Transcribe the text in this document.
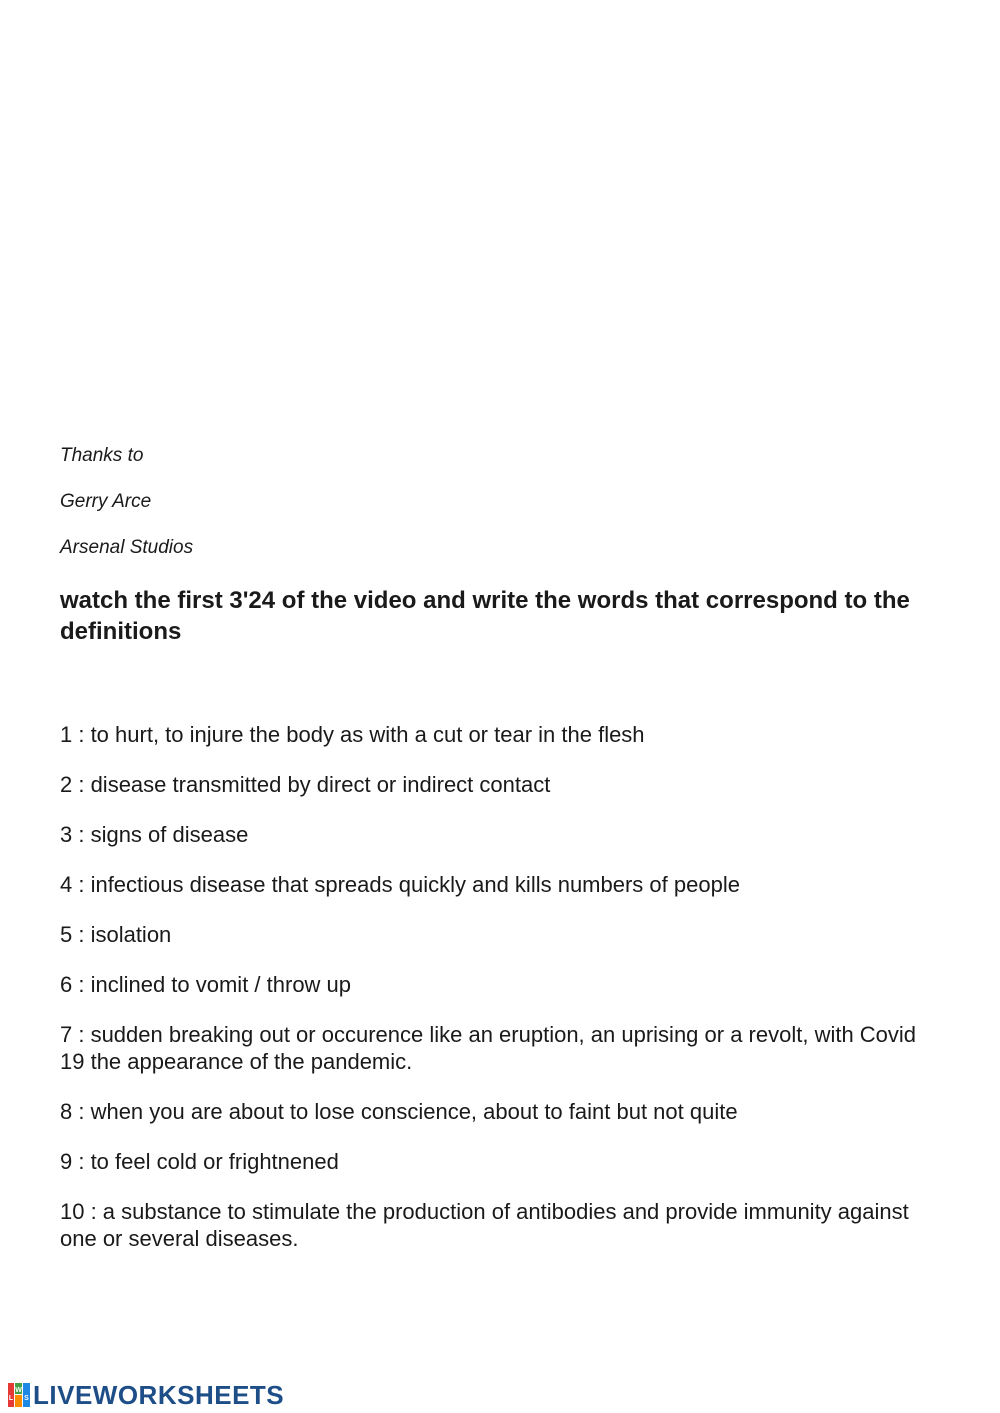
Thanks to

Gerry Arce

Arsenal Studios

watch the first 3'24 of the video and write the words that correspond to the definitions
1 : to hurt, to injure the body as with a cut or tear in the flesh
2 : disease transmitted by direct or indirect contact
3 : signs of disease
4 : infectious disease that spreads quickly and kills numbers of people
5 : isolation
6 : inclined to vomit / throw up
7 : sudden breaking out or occurence like an eruption, an uprising or a revolt, with Covid 19 the appearance of the pandemic.
8 : when you are about to lose conscience, about to faint but not quite
9 : to feel cold or frightnened
10 : a substance to stimulate the production of antibodies and provide immunity against one or several diseases.
L
W
S LIVEWORKSHEETS
